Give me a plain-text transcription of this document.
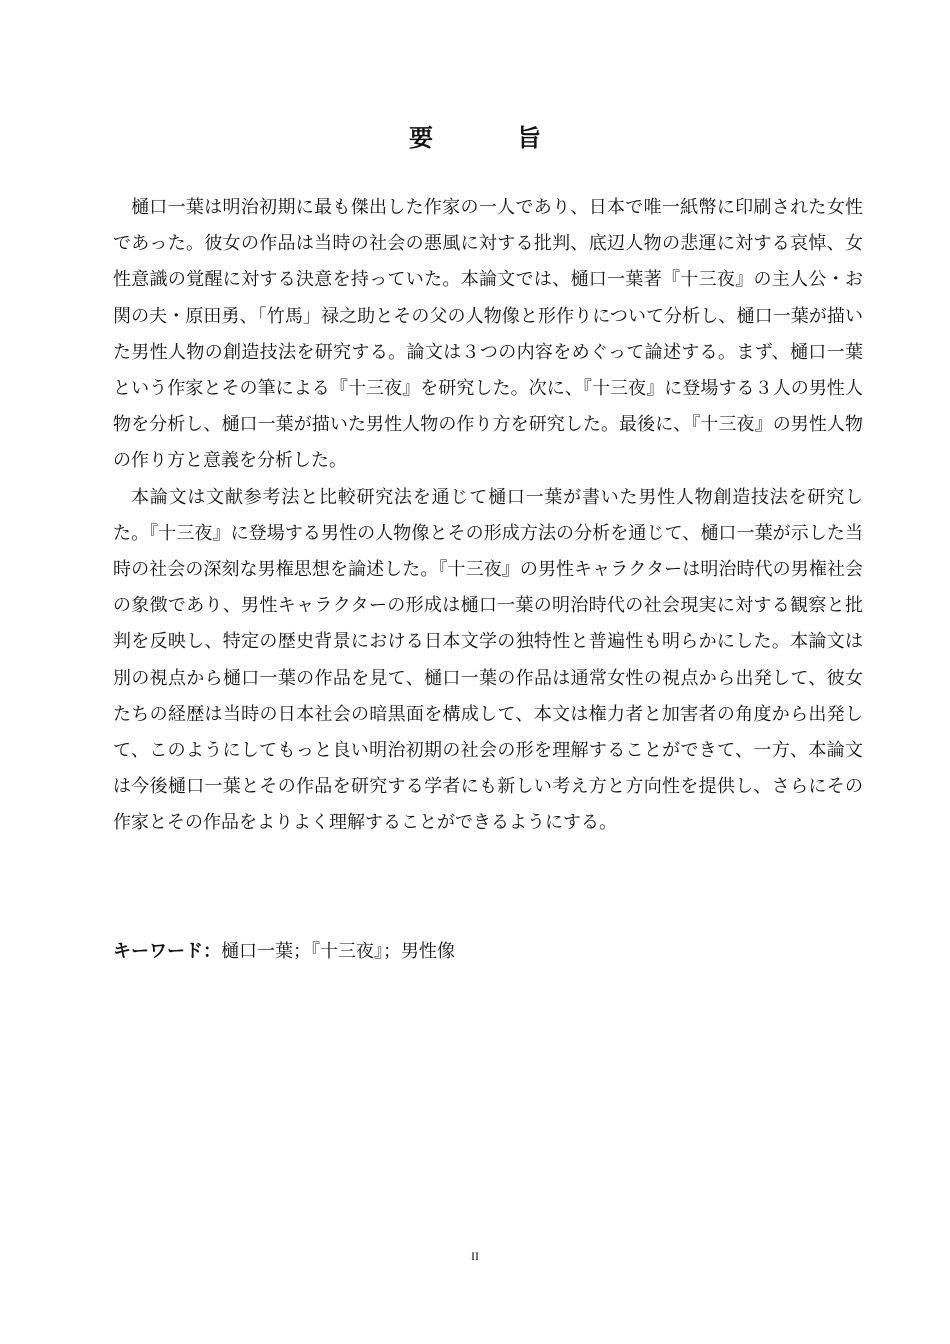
要　旨

樋口一葉は明治初期に最も傑出した作家の一人であり、日本で唯一紙幣に印刷された女性であった。彼女の作品は当時の社会の悪風に対する批判、底辺人物の悲運に対する哀悼、女性意識の覚醒に対する決意を持っていた。本論文では、樋口一葉著『十三夜』の主人公・お関の夫・原田勇、「竹馬」禄之助とその父の人物像と形作りについて分析し、樋口一葉が描いた男性人物の創造技法を研究する。論文は３つの内容をめぐって論述する。まず、樋口一葉という作家とその筆による『十三夜』を研究した。次に、『十三夜』に登場する３人の男性人物を分析し、樋口一葉が描いた男性人物の作り方を研究した。最後に、『十三夜』の男性人物の作り方と意義を分析した。

本論文は文献参考法と比較研究法を通じて樋口一葉が書いた男性人物創造技法を研究した。『十三夜』に登場する男性の人物像とその形成方法の分析を通じて、樋口一葉が示した当時の社会の深刻な男権思想を論述した。『十三夜』の男性キャラクターは明治時代の男権社会の象徴であり、男性キャラクターの形成は樋口一葉の明治時代の社会現実に対する観察と批判を反映し、特定の歴史背景における日本文学の独特性と普遍性も明らかにした。本論文は別の視点から樋口一葉の作品を見て、樋口一葉の作品は通常女性の視点から出発して、彼女たちの経歴は当時の日本社会の暗黒面を構成して、本文は権力者と加害者の角度から出発して、このようにしてもっと良い明治初期の社会の形を理解することができて、一方、本論文は今後樋口一葉とその作品を研究する学者にも新しい考え方と方向性を提供し、さらにその作家とその作品をよりよく理解することができるようにする。

キーワード：樋口一葉；『十三夜』；男性像
II
